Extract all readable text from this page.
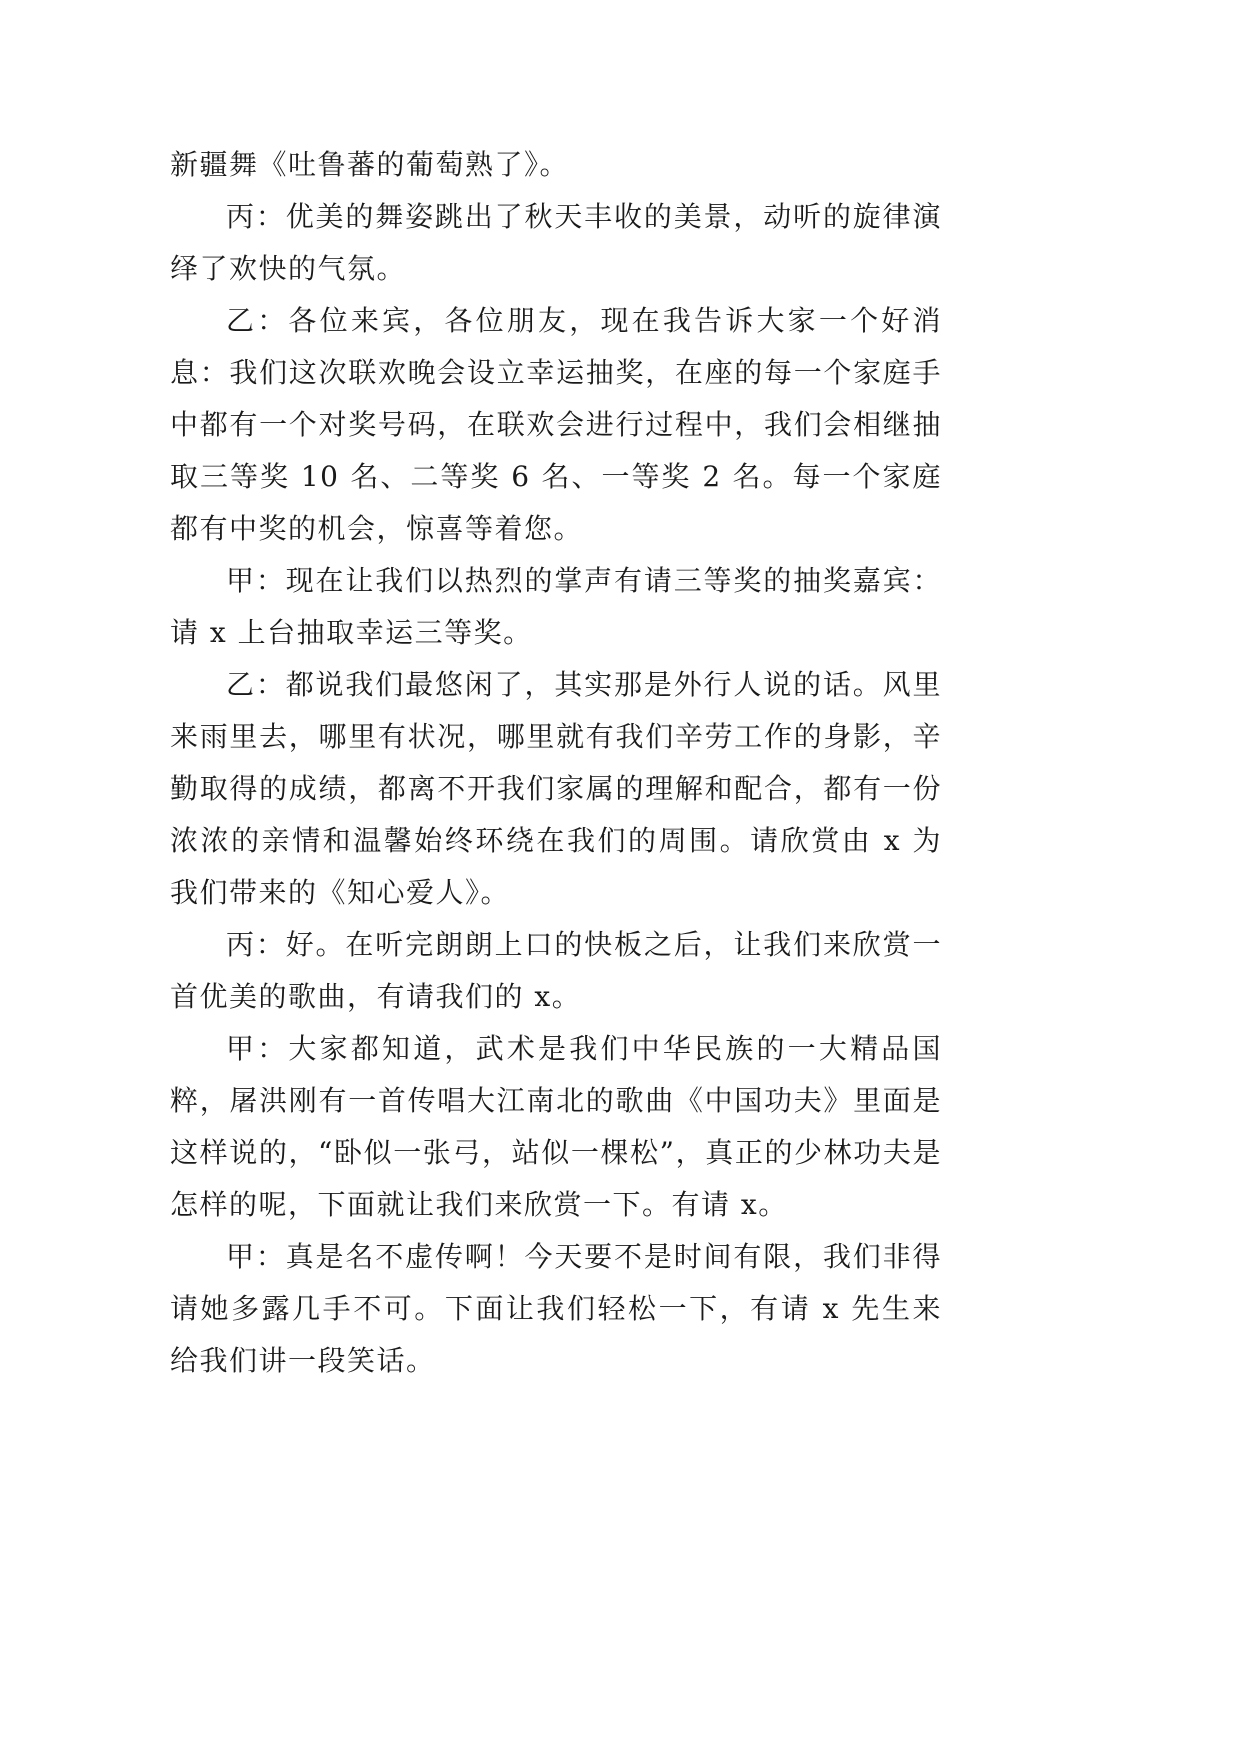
新疆舞《吐鲁蕃的葡萄熟了》。

丙：优美的舞姿跳出了秋天丰收的美景，动听的旋律演绎了欢快的气氛。

乙：各位来宾，各位朋友，现在我告诉大家一个好消息：我们这次联欢晚会设立幸运抽奖，在座的每一个家庭手中都有一个对奖号码，在联欢会进行过程中，我们会相继抽取三等奖 10 名、二等奖 6 名、一等奖 2 名。每一个家庭都有中奖的机会，惊喜等着您。

甲：现在让我们以热烈的掌声有请三等奖的抽奖嘉宾：请 x 上台抽取幸运三等奖。

乙：都说我们最悠闲了，其实那是外行人说的话。风里来雨里去，哪里有状况，哪里就有我们辛劳工作的身影，辛勤取得的成绩，都离不开我们家属的理解和配合，都有一份浓浓的亲情和温馨始终环绕在我们的周围。请欣赏由 x 为我们带来的《知心爱人》。

丙：好。在听完朗朗上口的快板之后，让我们来欣赏一首优美的歌曲，有请我们的 x。

甲：大家都知道，武术是我们中华民族的一大精品国粹，屠洪刚有一首传唱大江南北的歌曲《中国功夫》里面是这样说的，“卧似一张弓，站似一棵松”，真正的少林功夫是怎样的呢，下面就让我们来欣赏一下。有请 x。

甲：真是名不虚传啊！今天要不是时间有限，我们非得请她多露几手不可。下面让我们轻松一下，有请 x 先生来给我们讲一段笑话。
